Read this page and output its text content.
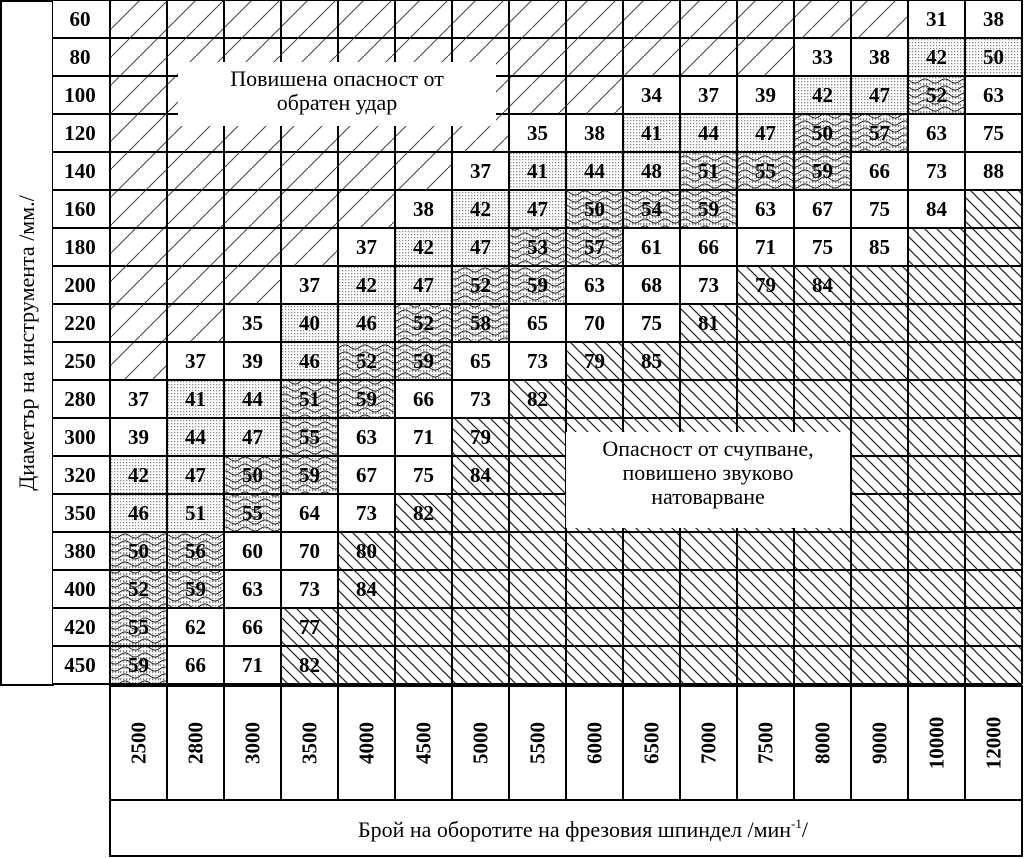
Диаметър на инструмента /мм./
60
80
100
120
140
160
180
200
220
250
280
300
320
350
380
400
420
450
31 38
33 38 42 50
34 37 39 42 47 52 63
35 38 41 44 47 50 57 63 75
37 41 44 48 51 55 59 66 73 88
38 42 47 50 54 59 63 67 75 84
37 42 47 53 57 61 66 71 75 85
37 42 47 52 59 63 68 73 79 84
35 40 46 52 58 65 70 75 81
37 39 46 52 59 65 73 79 85
37 41 44 51 59 66 73 82
39 44 47 55 63 71 79
42 47 50 59 67 75 84
46 51 55 64 73 82
50 56 60 70 80
52 59 63 73 84
55 62 66 77
59 66 71 82
Повишена опасност от
обратен удар
Опасност от счупване,
повишено звуково
натоварване
2500 2800 3000 3500 4000 4500 5000 5500 6000 6500 7000 7500 8000 9000 10000 12000
Брой на оборотите на фрезовия шпиндел /мин$^{-1}$/
